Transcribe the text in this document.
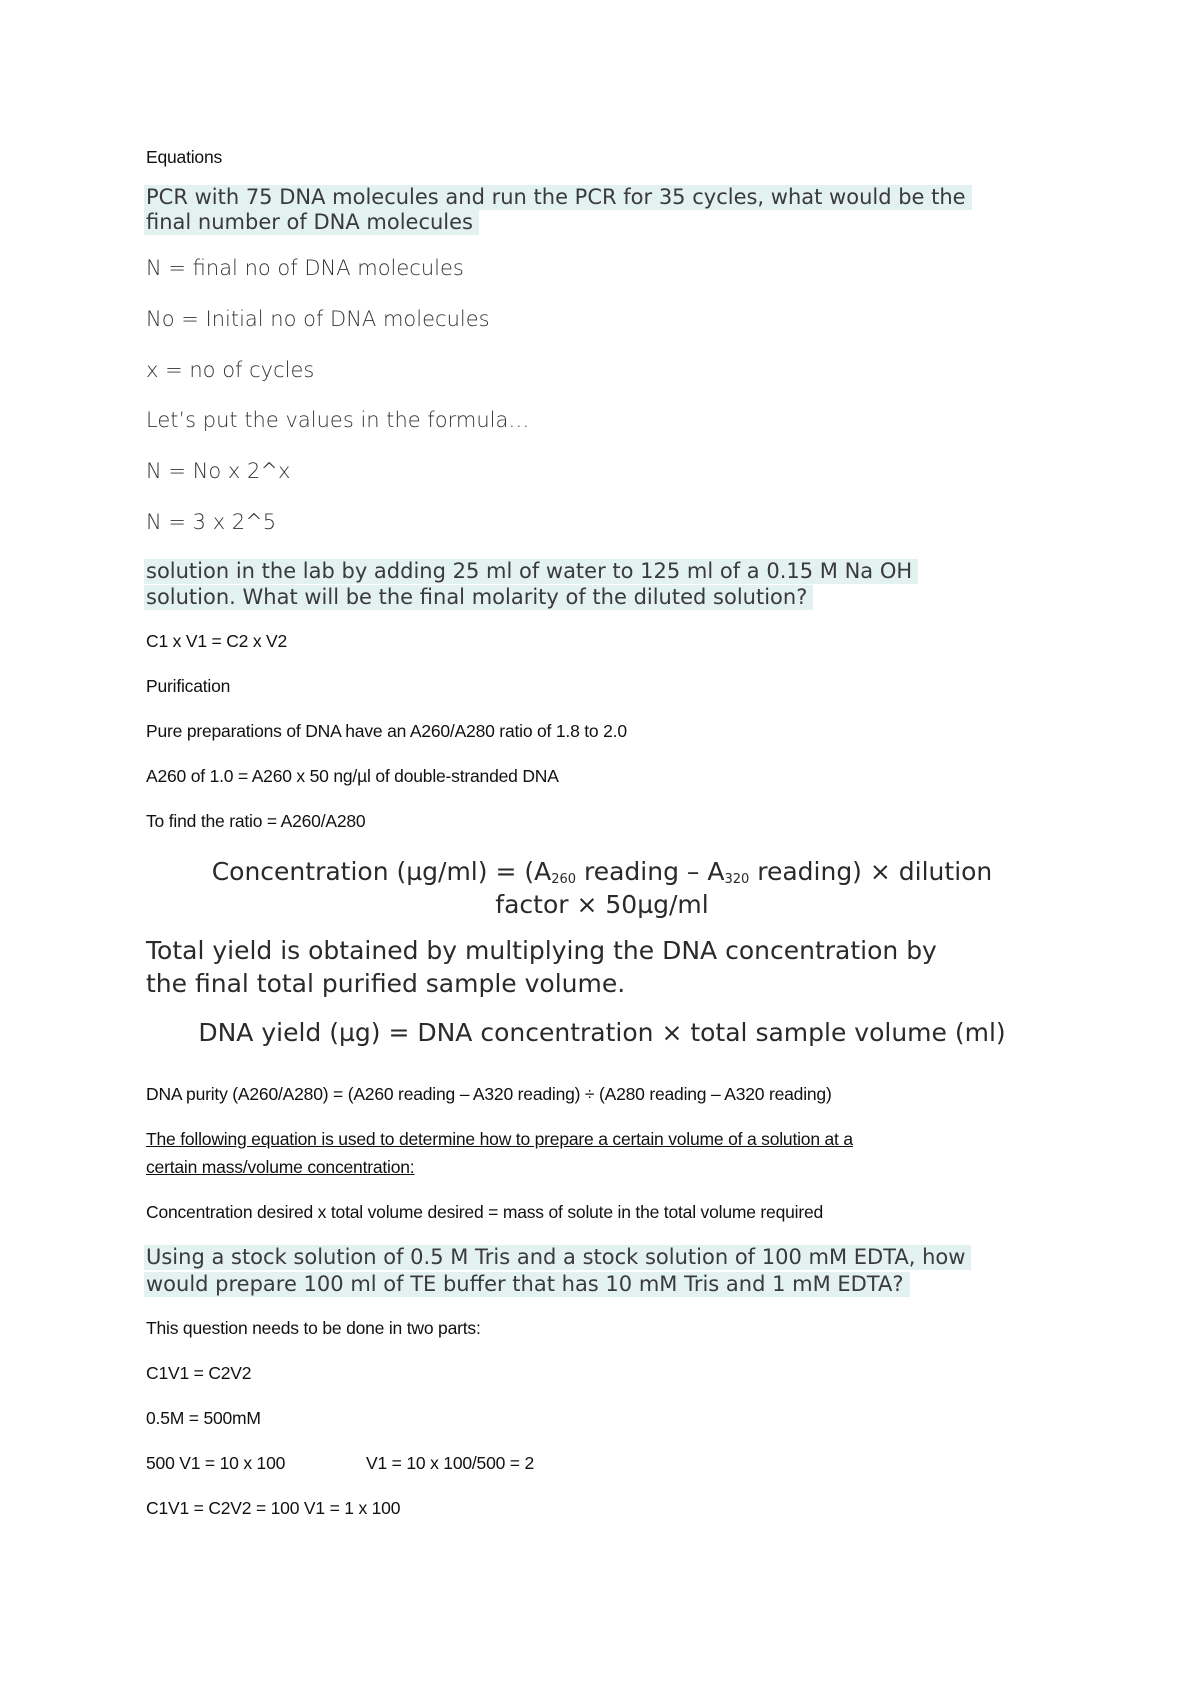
Equations

PCR with 75 DNA molecules and run the PCR for 35 cycles, what would be the

final number of DNA molecules

N = final no of DNA molecules

No = Initial no of DNA molecules

x = no of cycles

Let’s put the values in the formula…

N = No x 2^x

N = 3 x 2^5

solution in the lab by adding 25 ml of water to 125 ml of a 0.15 M Na OH

solution. What will be the final molarity of the diluted solution?

C1 x V1 = C2 x V2

Purification

Pure preparations of DNA have an A260/A280 ratio of 1.8 to 2.0

A260 of 1.0 = A260 x 50 ng/µl of double-stranded DNA

To find the ratio = A260/A280

Concentration $(\mu g/ml) = (A_{260}$ reading – $A_{320}$ reading) × dilution

factor × 50µg/ml

Total yield is obtained by multiplying the DNA concentration by

the final total purified sample volume.

DNA yield (µg) = DNA concentration × total sample volume (ml)

DNA purity (A260/A280) = (A260 reading – A320 reading) ÷ (A280 reading – A320 reading)

The following equation is used to determine how to prepare a certain volume of a solution at a

certain mass/volume concentration:

Concentration desired x total volume desired = mass of solute in the total volume required

Using a stock solution of 0.5 M Tris and a stock solution of 100 mM EDTA, how

would prepare 100 ml of TE buffer that has 10 mM Tris and 1 mM EDTA?

This question needs to be done in two parts:

C1V1 = C2V2

0.5M = 500mM

500 V1 = 10 x 100	V1 = 10 x 100/500 = 2

C1V1 = C2V2 = 100 V1 = 1 x 100
